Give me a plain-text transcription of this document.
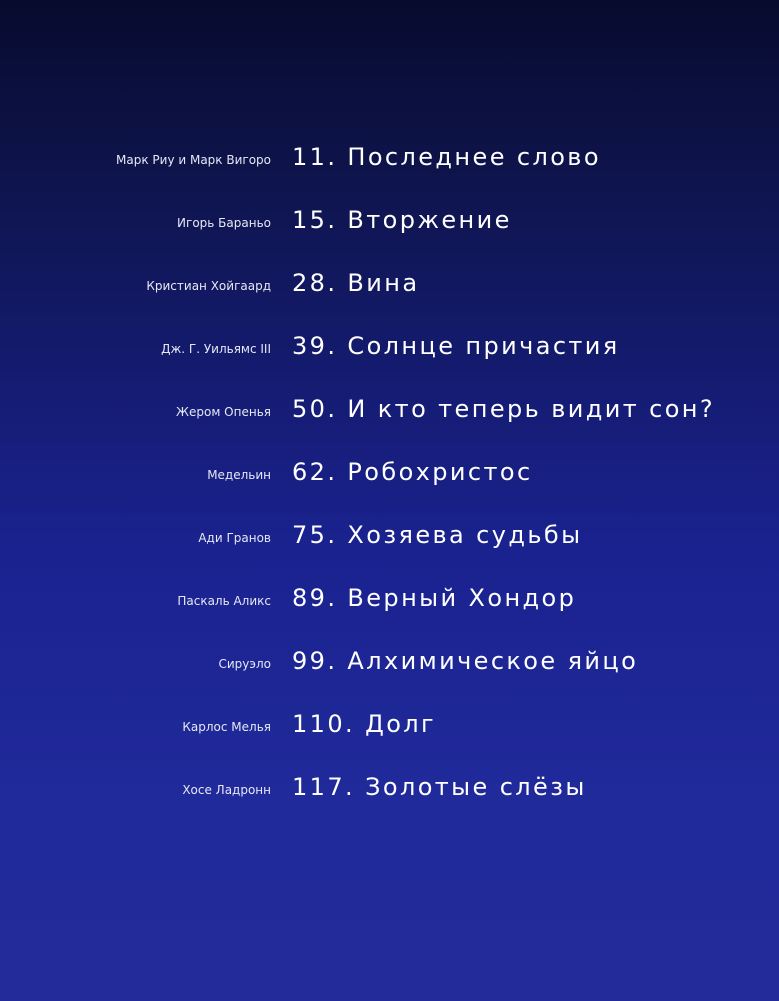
Марк Риу и Марк Вигоро 11. Последнее слово
Игорь Бараньо 15. Вторжение
Кристиан Хойгаард 28. Вина
Дж. Г. Уильямс III 39. Солнце причастия
Жером Опенья 50. И кто теперь видит сон?
Медельин 62. Робохристос
Ади Гранов 75. Хозяева судьбы
Паскаль Аликс 89. Верный Хондор
Сируэло 99. Алхимическое яйцо
Карлос Мелья 110. Долг
Хосе Ладронн 117. Золотые слёзы
